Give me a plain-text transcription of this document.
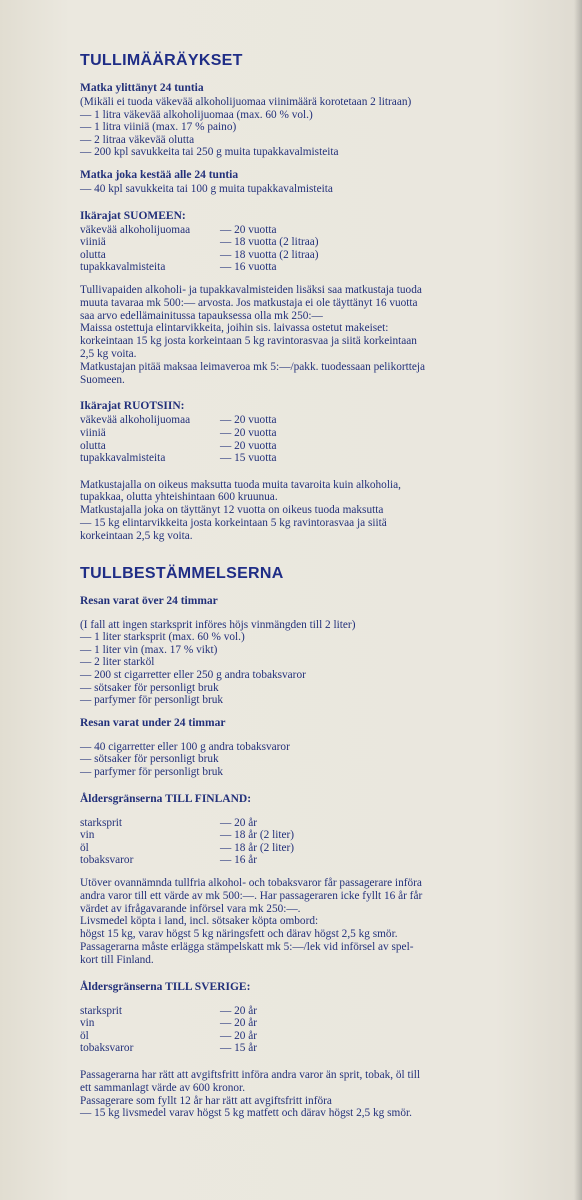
TULLIMÄÄRÄYKSET
Matka ylittänyt 24 tuntia
(Mikäli ei tuoda väkevää alkoholijuomaa viinimäärä korotetaan 2 litraan)
— 1 litra väkevää alkoholijuomaa (max. 60 % vol.)
— 1 litra viiniä (max. 17 % paino)
— 2 litraa väkevää olutta
— 200 kpl savukkeita tai 250 g muita tupakkavalmisteita
Matka joka kestää alle 24 tuntia
— 40 kpl savukkeita tai 100 g muita tupakkavalmisteita
Ikärajat SUOMEEN:
väkevää alkoholijuomaa	— 20 vuotta
viiniä	— 18 vuotta (2 litraa)
olutta	— 18 vuotta (2 litraa)
tupakkavalmisteita	— 16 vuotta
Tullivapaiden alkoholi- ja tupakkavalmisteiden lisäksi saa matkustaja tuoda
muuta tavaraa mk 500:— arvosta. Jos matkustaja ei ole täyttänyt 16 vuotta
saa arvo edellämainitussa tapauksessa olla mk 250:—
Maissa ostettuja elintarvikkeita, joihin sis. laivassa ostetut makeiset:
korkeintaan 15 kg josta korkeintaan 5 kg ravintorasvaa ja siitä korkeintaan
2,5 kg voita.
Matkustajan pitää maksaa leimaveroa mk 5:—/pakk. tuodessaan pelikortteja
Suomeen.
Ikärajat RUOTSIIN:
väkevää alkoholijuomaa	— 20 vuotta
viiniä	— 20 vuotta
olutta	— 20 vuotta
tupakkavalmisteita	— 15 vuotta
Matkustajalla on oikeus maksutta tuoda muita tavaroita kuin alkoholia,
tupakkaa, olutta yhteishintaan 600 kruunua.
Matkustajalla joka on täyttänyt 12 vuotta on oikeus tuoda maksutta
— 15 kg elintarvikkeita josta korkeintaan 5 kg ravintorasvaa ja siitä
korkeintaan 2,5 kg voita.
TULLBESTÄMMELSERNA
Resan varat över 24 timmar
(I fall att ingen starksprit införes höjs vinmängden till 2 liter)
— 1 liter starksprit (max. 60 % vol.)
— 1 liter vin (max. 17 % vikt)
— 2 liter starköl
— 200 st cigarretter eller 250 g andra tobaksvaror
— sötsaker för personligt bruk
— parfymer för personligt bruk
Resan varat under 24 timmar
— 40 cigarretter eller 100 g andra tobaksvaror
— sötsaker för personligt bruk
— parfymer för personligt bruk
Åldersgränserna TILL FINLAND:
starksprit	— 20 år
vin	— 18 år (2 liter)
öl	— 18 år (2 liter)
tobaksvaror	— 16 år
Utöver ovannämnda tullfria alkohol- och tobaksvaror får passagerare införa
andra varor till ett värde av mk 500:—. Har passageraren icke fyllt 16 år får
värdet av ifrågavarande införsel vara mk 250:—.
Livsmedel köpta i land, incl. sötsaker köpta ombord:
högst 15 kg, varav högst 5 kg näringsfett och därav högst 2,5 kg smör.
Passagerarna måste erlägga stämpelskatt mk 5:—/lek vid införsel av spel-
kort till Finland.
Åldersgränserna TILL SVERIGE:
starksprit	— 20 år
vin	— 20 år
öl	— 20 år
tobaksvaror	— 15 år
Passagerarna har rätt att avgiftsfritt införa andra varor än sprit, tobak, öl till
ett sammanlagt värde av 600 kronor.
Passagerare som fyllt 12 år har rätt att avgiftsfritt införa
— 15 kg livsmedel varav högst 5 kg matfett och därav högst 2,5 kg smör.
